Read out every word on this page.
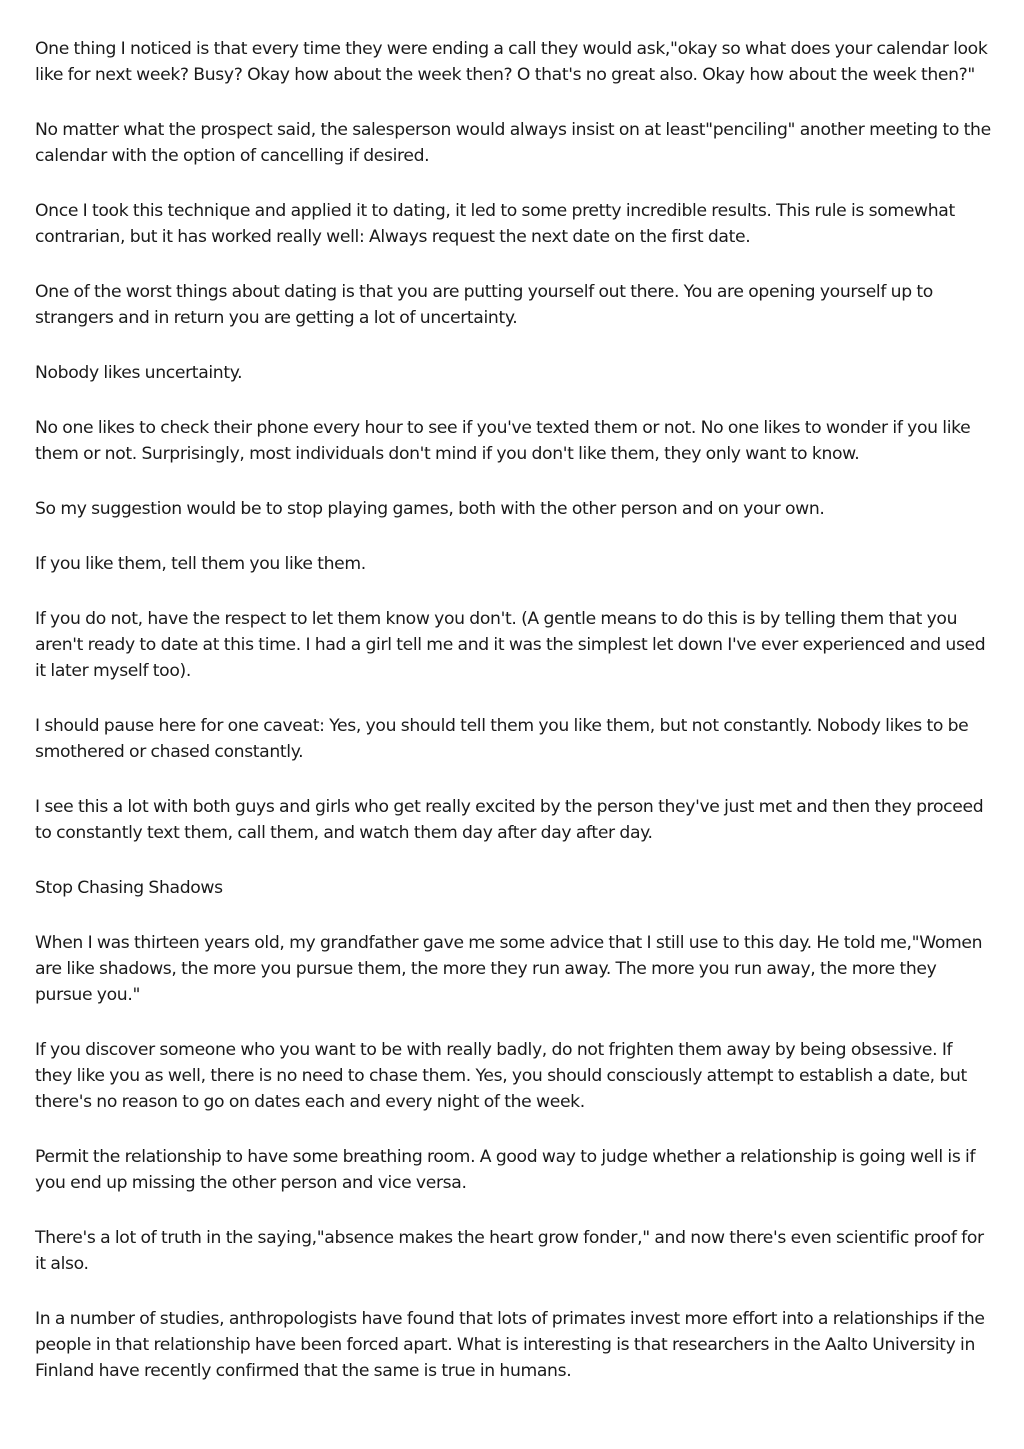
One thing I noticed is that every time they were ending a call they would ask,"okay so what does your calendar look like for next week? Busy? Okay how about the week then? O that's no great also. Okay how about the week then?"

No matter what the prospect said, the salesperson would always insist on at least"penciling" another meeting to the calendar with the option of cancelling if desired.

Once I took this technique and applied it to dating, it led to some pretty incredible results. This rule is somewhat contrarian, but it has worked really well: Always request the next date on the first date.

One of the worst things about dating is that you are putting yourself out there. You are opening yourself up to strangers and in return you are getting a lot of uncertainty.

Nobody likes uncertainty.

No one likes to check their phone every hour to see if you've texted them or not. No one likes to wonder if you like them or not. Surprisingly, most individuals don't mind if you don't like them, they only want to know.

So my suggestion would be to stop playing games, both with the other person and on your own.

If you like them, tell them you like them.

If you do not, have the respect to let them know you don't. (A gentle means to do this is by telling them that you aren't ready to date at this time. I had a girl tell me and it was the simplest let down I've ever experienced and used it later myself too).

I should pause here for one caveat: Yes, you should tell them you like them, but not constantly. Nobody likes to be smothered or chased constantly.

I see this a lot with both guys and girls who get really excited by the person they've just met and then they proceed to constantly text them, call them, and watch them day after day after day.

Stop Chasing Shadows

When I was thirteen years old, my grandfather gave me some advice that I still use to this day. He told me,"Women are like shadows, the more you pursue them, the more they run away. The more you run away, the more they pursue you."

If you discover someone who you want to be with really badly, do not frighten them away by being obsessive. If they like you as well, there is no need to chase them. Yes, you should consciously attempt to establish a date, but there's no reason to go on dates each and every night of the week.

Permit the relationship to have some breathing room. A good way to judge whether a relationship is going well is if you end up missing the other person and vice versa.

There's a lot of truth in the saying,"absence makes the heart grow fonder," and now there's even scientific proof for it also.

In a number of studies, anthropologists have found that lots of primates invest more effort into a relationships if the people in that relationship have been forced apart. What is interesting is that researchers in the Aalto University in Finland have recently confirmed that the same is true in humans.
